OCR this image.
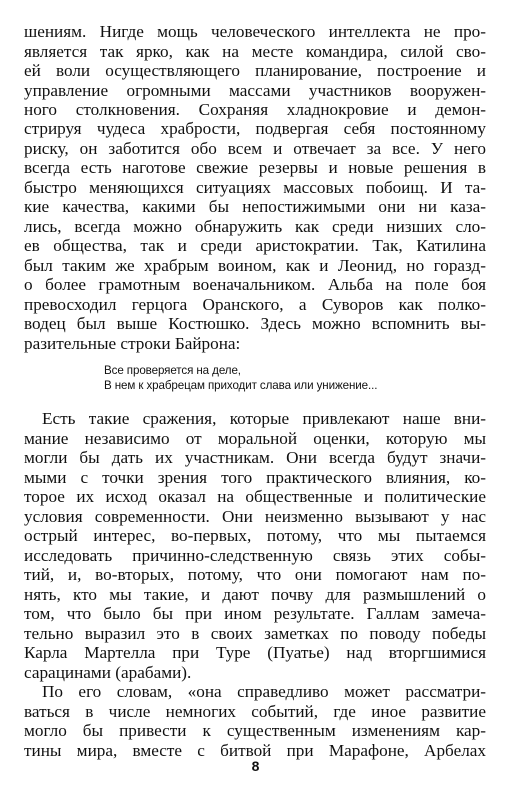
шениям. Нигде мощь человеческого интеллекта не про-
является так ярко, как на месте командира, силой сво-
ей воли осуществляющего планирование, построение и
управление огромными массами участников вооружен-
ного столкновения. Сохраняя хладнокровие и демон-
стрируя чудеса храбрости, подвергая себя постоянному
риску, он заботится обо всем и отвечает за все. У него
всегда есть наготове свежие резервы и новые решения в
быстро меняющихся ситуациях массовых побоищ. И та-
кие качества, какими бы непостижимыми они ни каза-
лись, всегда можно обнаружить как среди низших сло-
ев общества, так и среди аристократии. Так, Катилина
был таким же храбрым воином, как и Леонид, но горазд-
о более грамотным военачальником. Альба на поле боя
превосходил герцога Оранского, а Суворов как полко-
водец был выше Костюшко. Здесь можно вспомнить вы-
разительные строки Байрона:
Все проверяется на деле,
В нем к храбрецам приходит слава или унижение...
Есть такие сражения, которые привлекают наше вни-
мание независимо от моральной оценки, которую мы
могли бы дать их участникам. Они всегда будут значи-
мыми с точки зрения того практического влияния, ко-
торое их исход оказал на общественные и политические
условия современности. Они неизменно вызывают у нас
острый интерес, во-первых, потому, что мы пытаемся
исследовать причинно-следственную связь этих собы-
тий, и, во-вторых, потому, что они помогают нам по-
нять, кто мы такие, и дают почву для размышлений о
том, что было бы при ином результате. Галлам замеча-
тельно выразил это в своих заметках по поводу победы
Карла Мартелла при Туре (Пуатье) над вторгшимися
сарацинами (арабами).
По его словам, «она справедливо может рассматри-
ваться в числе немногих событий, где иное развитие
могло бы привести к существенным изменениям кар-
тины мира, вместе с битвой при Марафоне, Арбелах
8
